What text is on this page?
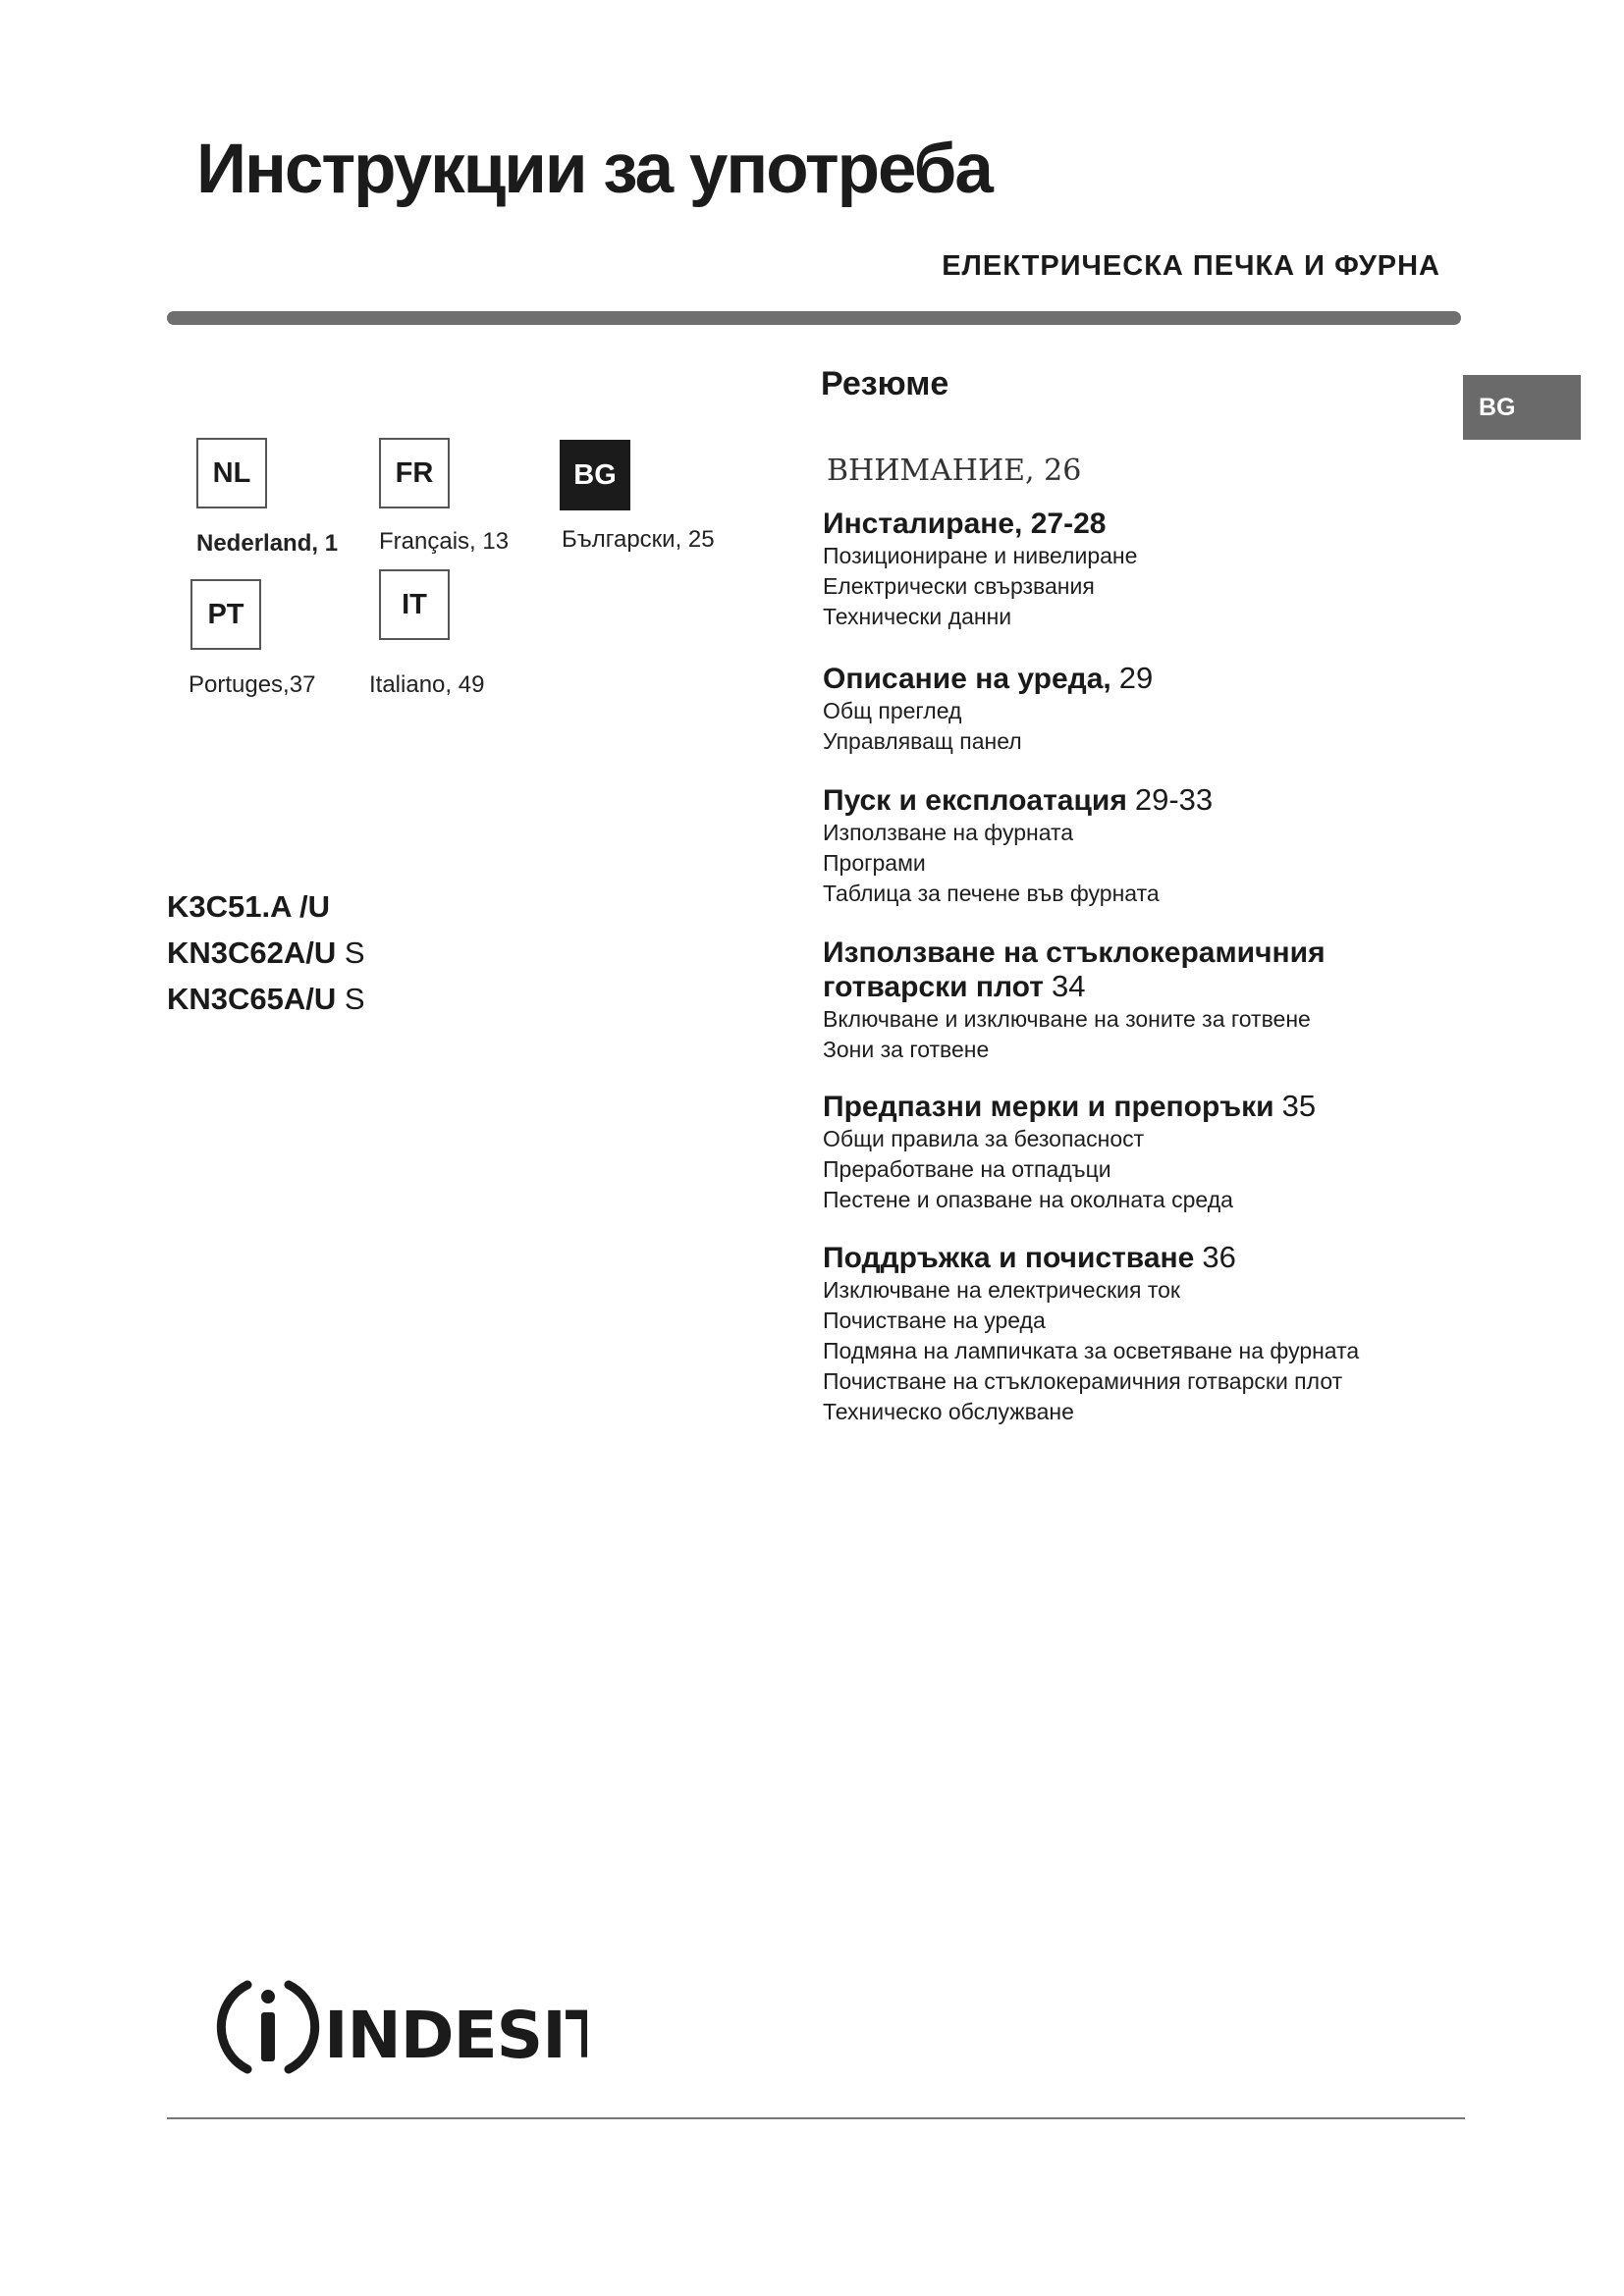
Инструкции за употреба
ЕЛЕКТРИЧЕСКА ПЕЧКА И ФУРНА
BG
NL
Nederland, 1
FR
Français, 13
BG
Български, 25
PT
Portuges,37
IT
Italiano, 49
K3C51.A /U
KN3C62A/U S
KN3C65A/U S
Резюме
ВНИМАНИЕ, 26
Инсталиране, 27-28
Позициониране и нивелиране
Електрически свързвания
Технически данни
Описание на уреда, 29
Общ преглед
Управляващ панел
Пуск и експлоатация 29-33
Използване на фурната
Програми
Таблица за печене във фурната
Използване на стъклокерамичния готварски плот 34
Включване и изключване на зоните за готвене
Зони за готвене
Предпазни мерки и препоръки 35
Общи правила за безопасност
Преработване на отпадъци
Пестене и опазване на околната среда
Поддръжка и почистване 36
Изключване на електрическия ток
Почистване на уреда
Подмяна на лампичката за осветяване на фурната
Почистване на стъклокерамичния готварски плот
Техническо обслужване
INDESIT
